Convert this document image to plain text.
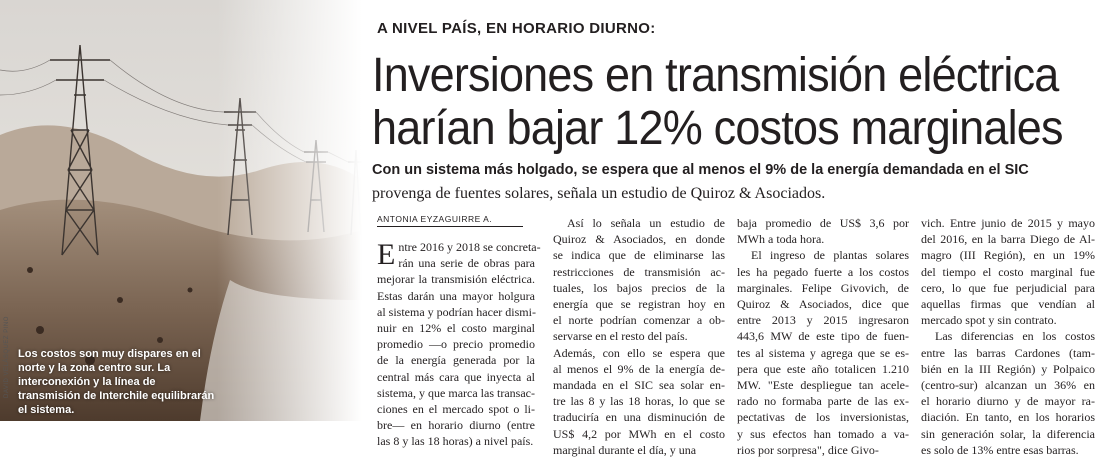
DAVID VELÁSQUEZ PINO Los costos son muy dispares en el norte y la zona centro sur. La interconexión y la línea de transmisión de Interchile equilibrarán el sistema.
A NIVEL PAÍS, EN HORARIO DIURNO:
Inversiones en transmisión eléctrica
harían bajar 12% costos marginales
Con un sistema más holgado, se espera que al menos el 9% de la energía demandada en el SIC
provenga de fuentes solares, señala un estudio de Quiroz & Asociados.
ANTONIA EYZAGUIRRE A.
E ntre 2016 y 2018 se concreta-
rán una serie de obras para
mejorar la transmisión eléctrica.
Estas darán una mayor holgura
al sistema y podrían hacer dismi-
nuir en 12% el costo marginal
promedio —o precio promedio
de la energía generada por la
central más cara que inyecta al
sistema, y que marca las transac-
ciones en el mercado spot o li-
bre— en horario diurno (entre
las 8 y las 18 horas) a nivel país.
Así lo señala un estudio de
Quiroz & Asociados, en donde
se indica que de eliminarse las
restricciones de transmisión ac-
tuales, los bajos precios de la
energía que se registran hoy en
el norte podrían comenzar a ob-
servarse en el resto del país.
Además, con ello se espera que
al menos el 9% de la energía de-
mandada en el SIC sea solar en-
tre las 8 y las 18 horas, lo que se
traduciría en una disminución de
US$ 4,2 por MWh en el costo
marginal durante el día, y una
baja promedio de US$ 3,6 por
MWh a toda hora.
El ingreso de plantas solares
les ha pegado fuerte a los costos
marginales. Felipe Givovich, de
Quiroz & Asociados, dice que
entre 2013 y 2015 ingresaron
443,6 MW de este tipo de fuen-
tes al sistema y agrega que se es-
pera que este año totalicen 1.210
MW. "Este despliegue tan acele-
rado no formaba parte de las ex-
pectativas de los inversionistas,
y sus efectos han tomado a va-
rios por sorpresa", dice Givo-
vich. Entre junio de 2015 y mayo
del 2016, en la barra Diego de Al-
magro (III Región), en un 19%
del tiempo el costo marginal fue
cero, lo que fue perjudicial para
aquellas firmas que vendían al
mercado spot y sin contrato.
Las diferencias en los costos
entre las barras Cardones (tam-
bién en la III Región) y Polpaico
(centro-sur) alcanzan un 36% en
el horario diurno y de mayor ra-
diación. En tanto, en los horarios
sin generación solar, la diferencia
es solo de 13% entre esas barras.
